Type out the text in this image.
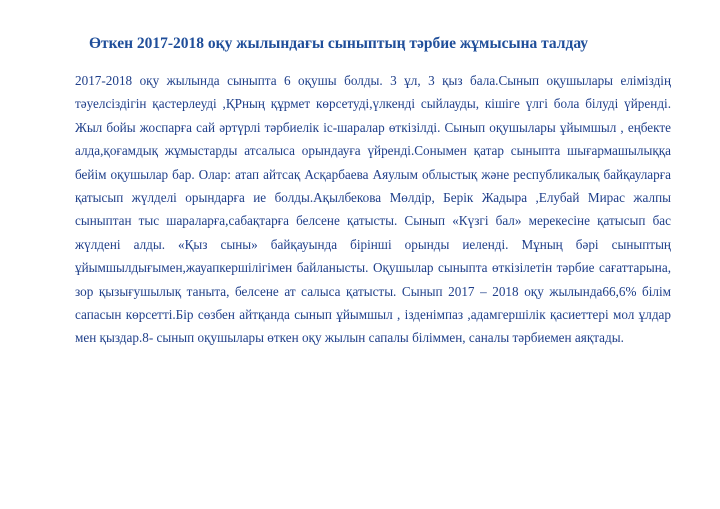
Өткен 2017-2018 оқу жылындағы сыныптың тәрбие жұмысына талдау
2017-2018 оқу жылында сыныпта 6 оқушы болды. 3 ұл, 3 қыз бала.Сынып оқушылары еліміздің
тәуелсіздігін қастерлеуді ,ҚРның құрмет көрсетуді,үлкенді сыйлауды, кішіге үлгі бола білуді үйренді.
Жыл бойы жоспарға сай әртүрлі тәрбиелік іс-шаралар өткізілді. Сынып оқушылары ұйымшыл , еңбекте
алда,қоғамдық жұмыстарды атсалыса орындауға үйренді.Сонымен қатар сыныпта шығармашылыққа
бейім оқушылар бар. Олар: атап айтсақ Асқарбаева Аяулым облыстық және республикалық байқауларға
қатысып жүлделі орындарға ие болды.Ақылбекова Мөлдір, Берік Жадыра ,Елубай Мирас жалпы
сыныптан тыс шараларға,сабақтарға белсене қатысты. Сынып «Күзгі бал» мерекесіне қатысып бас
жүлдені алды. «Қыз сыны» байқауында бірінші орынды иеленді. Мұның бәрі сыныптың
ұйымшылдығымен,жауапкершілігімен байланысты. Оқушылар сыныпта өткізілетін тәрбие сағаттарына,
зор қызығушылық таныта, белсене ат салыса қатысты. Сынып 2017 – 2018 оқу жылында66,6% білім
сапасын көрсетті.Бір сөзбен айтқанда сынып ұйымшыл , ізденімпаз ,адамгершілік қасиеттері мол ұлдар
мен қыздар.8- сынып оқушылары өткен оқу жылын сапалы біліммен, саналы тәрбиемен аяқтады.
